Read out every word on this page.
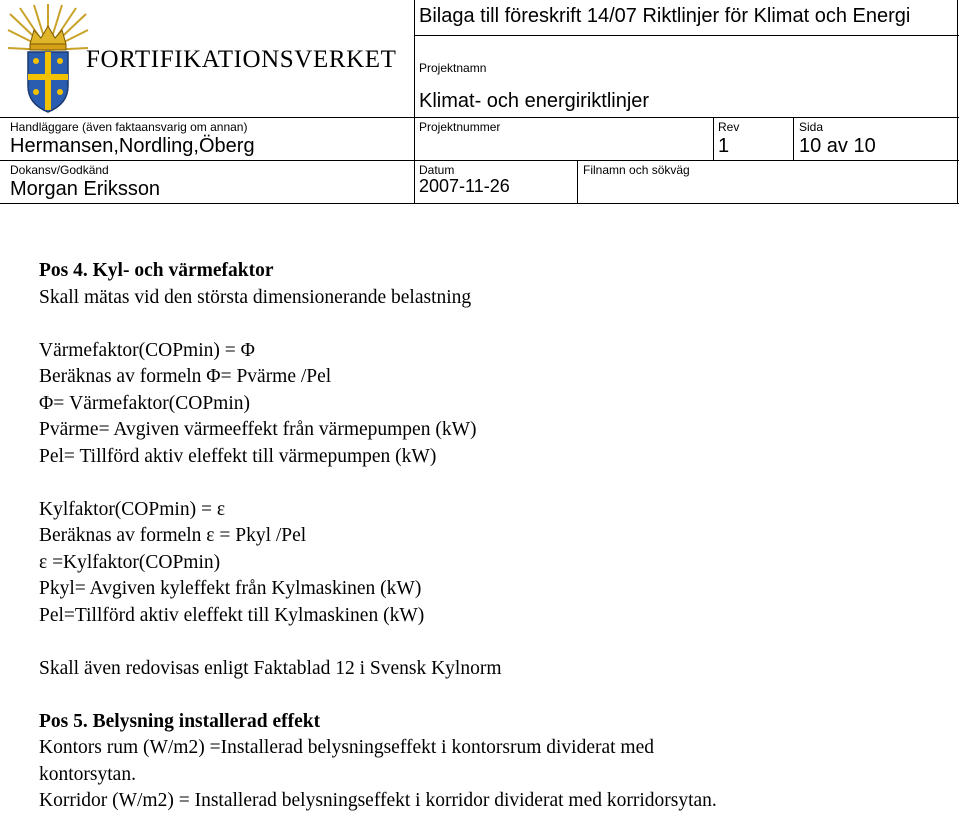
FORTIFIKATIONSVERKET
Bilaga till föreskrift 14/07 Riktlinjer för Klimat och Energi
Projektnamn
Klimat- och energiriktlinjer
Handläggare (även faktaansvarig om annan)
Hermansen,Nordling,Öberg
Projektnummer	Rev
1
Sida
10 av 10
Dokansv/Godkänd
Morgan Eriksson
Datum
2007-11-26
Filnamn och sökväg
Pos 4. Kyl- och värmefaktor
Skall mätas vid den största dimensionerande belastning
Värmefaktor(COPmin) = Φ
Beräknas av formeln Φ= Pvärme /Pel
Φ= Värmefaktor(COPmin)
Pvärme= Avgiven värmeeffekt från värmepumpen (kW)
Pel= Tillförd aktiv eleffekt till värmepumpen (kW)
Kylfaktor(COPmin) = ε
Beräknas av formeln ε = Pkyl /Pel
ε =Kylfaktor(COPmin)
Pkyl= Avgiven kyleffekt från Kylmaskinen (kW)
Pel=Tillförd aktiv eleffekt till Kylmaskinen (kW)
Skall även redovisas enligt Faktablad 12 i Svensk Kylnorm
Pos 5. Belysning installerad effekt
Kontors rum (W/m2) =Installerad belysningseffekt i kontorsrum dividerat med
kontorsytan.
Korridor (W/m2) = Installerad belysningseffekt i korridor dividerat med korridorsytan.
